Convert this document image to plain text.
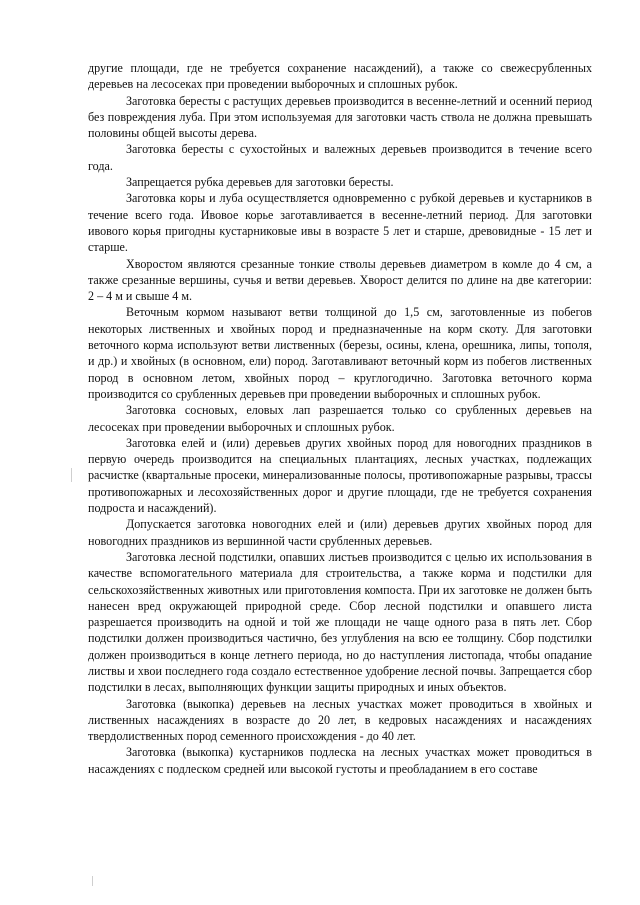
другие площади, где не требуется сохранение насаждений), а также со свежесрубленных деревьев на лесосеках при проведении выборочных и сплошных рубок.

Заготовка бересты с растущих деревьев производится в весенне-летний и осенний период без повреждения луба. При этом используемая для заготовки часть ствола не должна превышать половины общей высоты дерева.

Заготовка бересты с сухостойных и валежных деревьев производится в течение всего года.

Запрещается рубка деревьев для заготовки бересты.

Заготовка коры и луба осуществляется одновременно с рубкой деревьев и кустарников в течение всего года. Ивовое корье заготавливается в весенне-летний период. Для заготовки ивового корья пригодны кустарниковые ивы в возрасте 5 лет и старше, древовидные - 15 лет и старше.

Хворостом являются срезанные тонкие стволы деревьев диаметром в комле до 4 см, а также срезанные вершины, сучья и ветви деревьев. Хворост делится по длине на две категории: 2 – 4 м и свыше 4 м.

Веточным кормом называют ветви толщиной до 1,5 см, заготовленные из побегов некоторых лиственных и хвойных пород и предназначенные на корм скоту. Для заготовки веточного корма используют ветви лиственных (березы, осины, клена, орешника, липы, тополя, и др.) и хвойных (в основном, ели) пород. Заготавливают веточный корм из побегов лиственных пород в основном летом, хвойных пород – круглогодично. Заготовка веточного корма производится со срубленных деревьев при проведении выборочных и сплошных рубок.

Заготовка сосновых, еловых лап разрешается только со срубленных деревьев на лесосеках при проведении выборочных и сплошных рубок.

Заготовка елей и (или) деревьев других хвойных пород для новогодних праздников в первую очередь производится на специальных плантациях, лесных участках, подлежащих расчистке (квартальные просеки, минерализованные полосы, противопожарные разрывы, трассы противопожарных и лесохозяйственных дорог и другие площади, где не требуется сохранения подроста и насаждений).

Допускается заготовка новогодних елей и (или) деревьев других хвойных пород для новогодних праздников из вершинной части срубленных деревьев.

Заготовка лесной подстилки, опавших листьев производится с целью их использования в качестве вспомогательного материала для строительства, а также корма и подстилки для сельскохозяйственных животных или приготовления компоста. При их заготовке не должен быть нанесен вред окружающей природной среде. Сбор лесной подстилки и опавшего листа разрешается производить на одной и той же площади не чаще одного раза в пять лет. Сбор подстилки должен производиться частично, без углубления на всю ее толщину. Сбор подстилки должен производиться в конце летнего периода, но до наступления листопада, чтобы опадание листвы и хвои последнего года создало естественное удобрение лесной почвы. Запрещается сбор подстилки в лесах, выполняющих функции защиты природных и иных объектов.

Заготовка (выкопка) деревьев на лесных участках может проводиться в хвойных и лиственных насаждениях в возрасте до 20 лет, в кедровых насаждениях и насаждениях твердолиственных пород семенного происхождения - до 40 лет.

Заготовка (выкопка) кустарников подлеска на лесных участках может проводиться в насаждениях с подлеском средней или высокой густоты и преобладанием в его составе
